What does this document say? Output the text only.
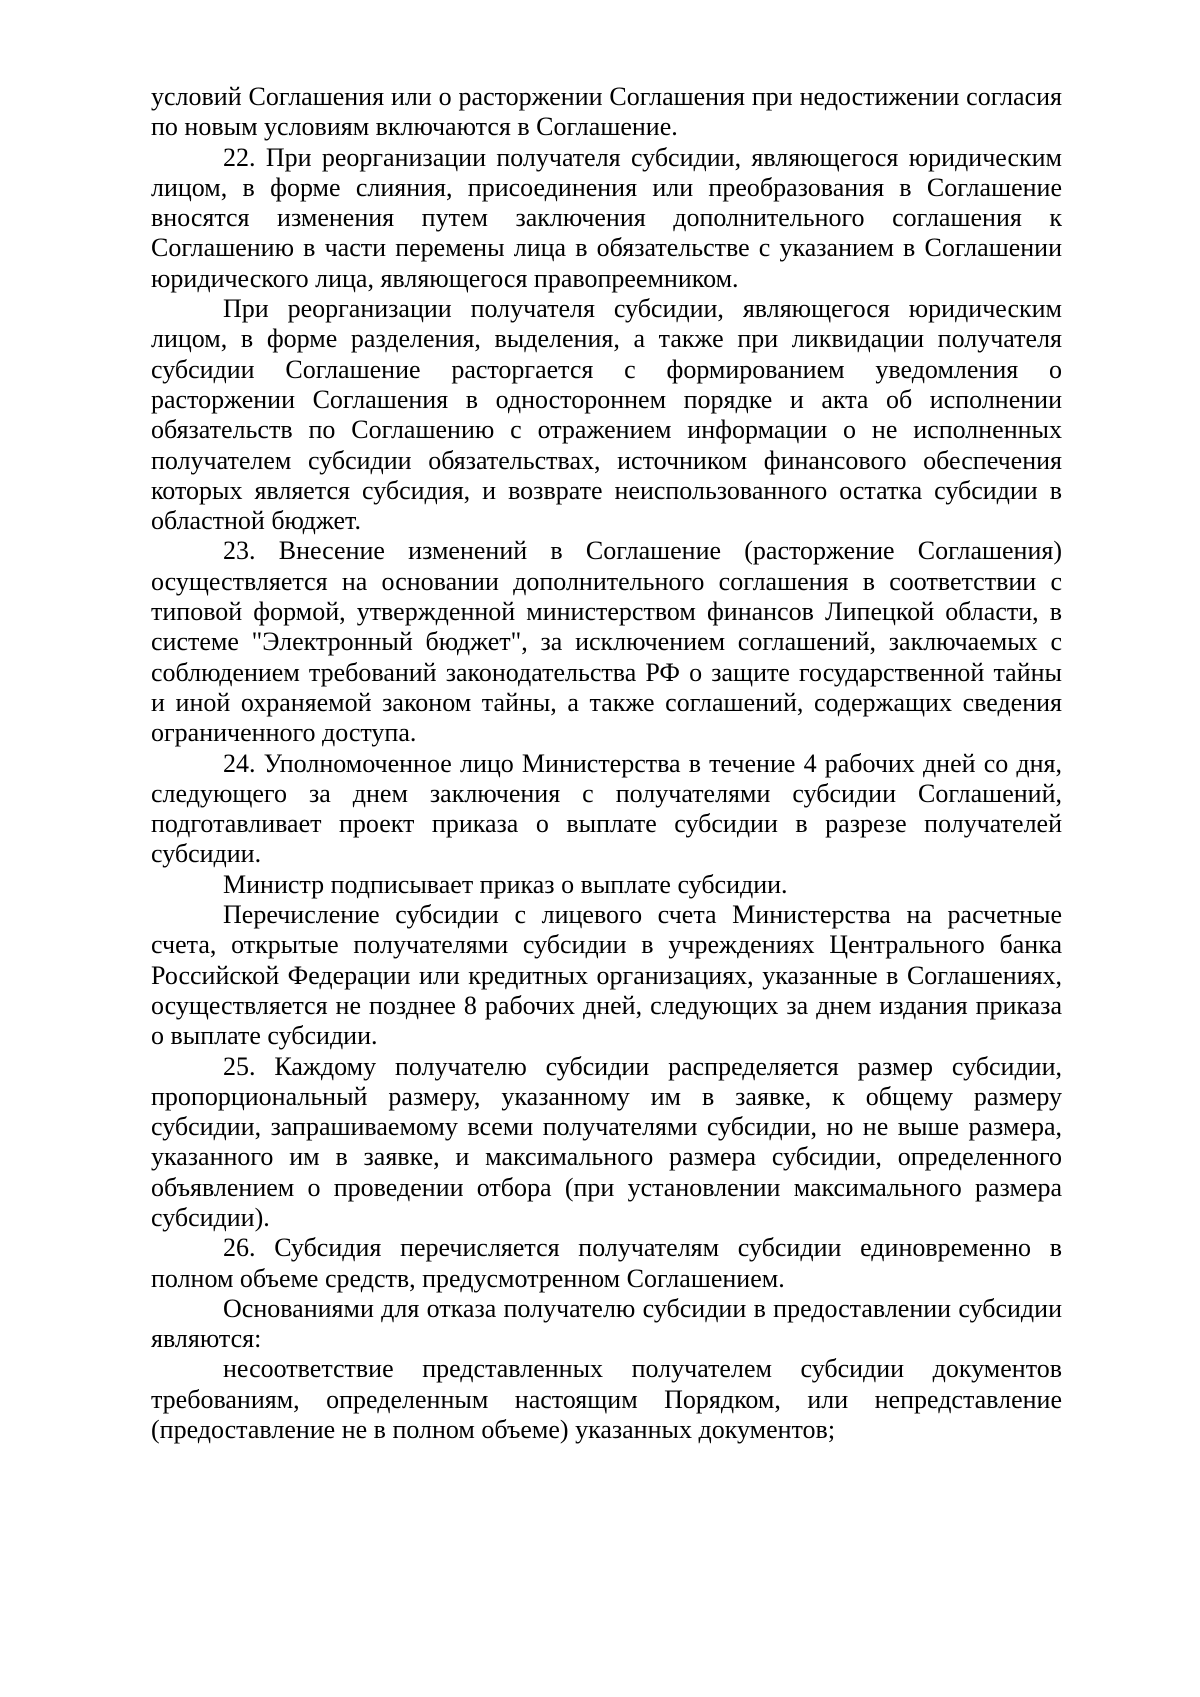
условий Соглашения или о расторжении Соглашения при недостижении согласия по новым условиям включаются в Соглашение.

22. При реорганизации получателя субсидии, являющегося юридическим лицом, в форме слияния, присоединения или преобразования в Соглашение вносятся изменения путем заключения дополнительного соглашения к Соглашению в части перемены лица в обязательстве с указанием в Соглашении юридического лица, являющегося правопреемником.

При реорганизации получателя субсидии, являющегося юридическим лицом, в форме разделения, выделения, а также при ликвидации получателя субсидии Соглашение расторгается с формированием уведомления о расторжении Соглашения в одностороннем порядке и акта об исполнении обязательств по Соглашению с отражением информации о не исполненных получателем субсидии обязательствах, источником финансового обеспечения которых является субсидия, и возврате неиспользованного остатка субсидии в областной бюджет.

23. Внесение изменений в Соглашение (расторжение Соглашения) осуществляется на основании дополнительного соглашения в соответствии с типовой формой, утвержденной министерством финансов Липецкой области, в системе "Электронный бюджет", за исключением соглашений, заключаемых с соблюдением требований законодательства РФ о защите государственной тайны и иной охраняемой законом тайны, а также соглашений, содержащих сведения ограниченного доступа.

24. Уполномоченное лицо Министерства в течение 4 рабочих дней со дня, следующего за днем заключения с получателями субсидии Соглашений, подготавливает проект приказа о выплате субсидии в разрезе получателей субсидии.

Министр подписывает приказ о выплате субсидии.

Перечисление субсидии с лицевого счета Министерства на расчетные счета, открытые получателями субсидии в учреждениях Центрального банка Российской Федерации или кредитных организациях, указанные в Соглашениях, осуществляется не позднее 8 рабочих дней, следующих за днем издания приказа о выплате субсидии.

25. Каждому получателю субсидии распределяется размер субсидии, пропорциональный размеру, указанному им в заявке, к общему размеру субсидии, запрашиваемому всеми получателями субсидии, но не выше размера, указанного им в заявке, и максимального размера субсидии, определенного объявлением о проведении отбора (при установлении максимального размера субсидии).

26. Субсидия перечисляется получателям субсидии единовременно в полном объеме средств, предусмотренном Соглашением.

Основаниями для отказа получателю субсидии в предоставлении субсидии являются:

несоответствие представленных получателем субсидии документов требованиям, определенным настоящим Порядком, или непредставление (предоставление не в полном объеме) указанных документов;
